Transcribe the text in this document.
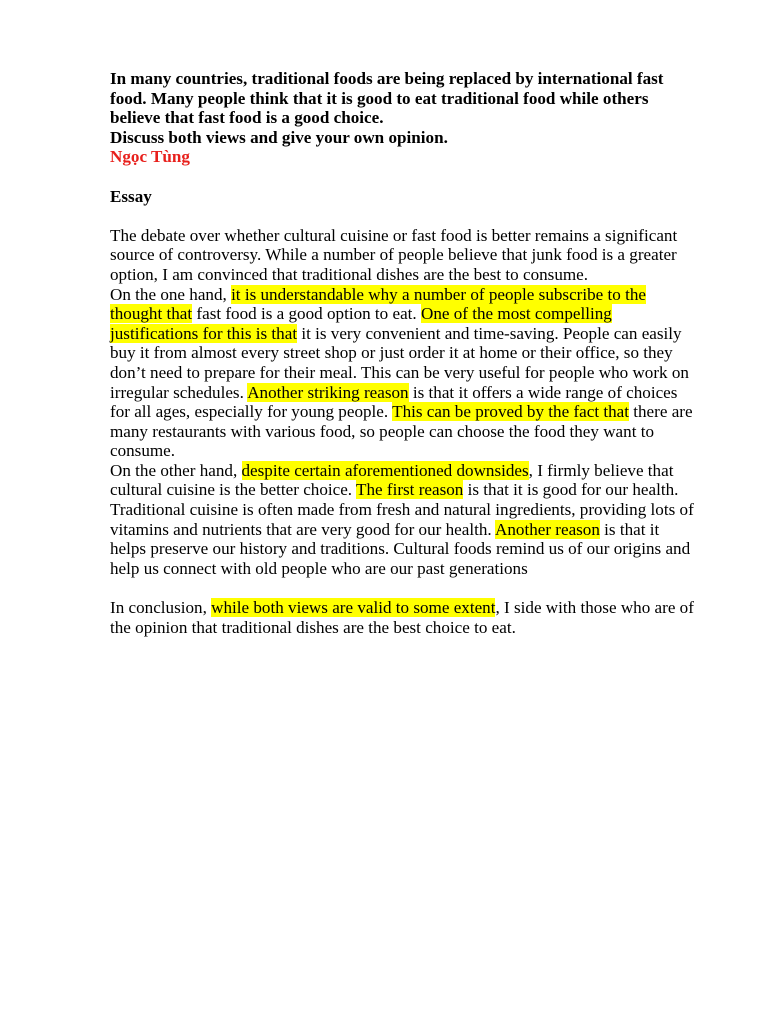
In many countries, traditional foods are being replaced by international fast food. Many people think that it is good to eat traditional food while others believe that fast food is a good choice.
Discuss both views and give your own opinion.

Ngọc Tùng

Essay

The debate over whether cultural cuisine or fast food is better remains a significant source of controversy. While a number of people believe that junk food is a greater option, I am convinced that traditional dishes are the best to consume.

On the one hand, it is understandable why a number of people subscribe to the thought that fast food is a good option to eat. One of the most compelling justifications for this is that it is very convenient and time-saving. People can easily buy it from almost every street shop or just order it at home or their office, so they don’t need to prepare for their meal. This can be very useful for people who work on irregular schedules. Another striking reason is that it offers a wide range of choices for all ages, especially for young people. This can be proved by the fact that there are many restaurants with various food, so people can choose the food they want to consume.

On the other hand, despite certain aforementioned downsides, I firmly believe that cultural cuisine is the better choice. The first reason is that it is good for our health. Traditional cuisine is often made from fresh and natural ingredients, providing lots of vitamins and nutrients that are very good for our health. Another reason is that it helps preserve our history and traditions. Cultural foods remind us of our origins and help us connect with old people who are our past generations

In conclusion, while both views are valid to some extent, I side with those who are of the opinion that traditional dishes are the best choice to eat.
